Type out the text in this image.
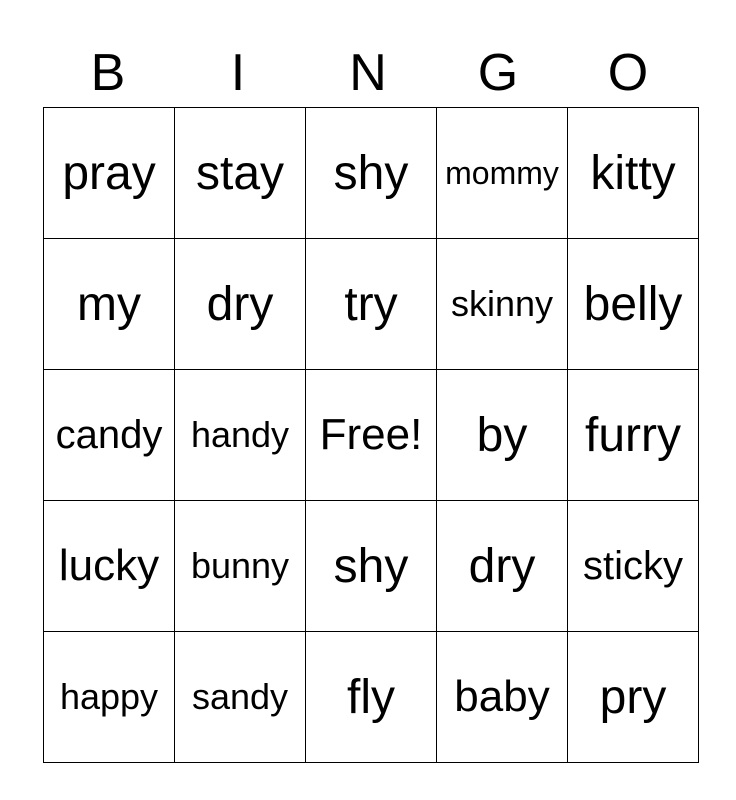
B	I	N	G	O
pray	stay	shy	mommy	kitty
my	dry	try	skinny	belly
candy	handy	Free!	by	furry
lucky	bunny	shy	dry	sticky
happy	sandy	fly	baby	pry
